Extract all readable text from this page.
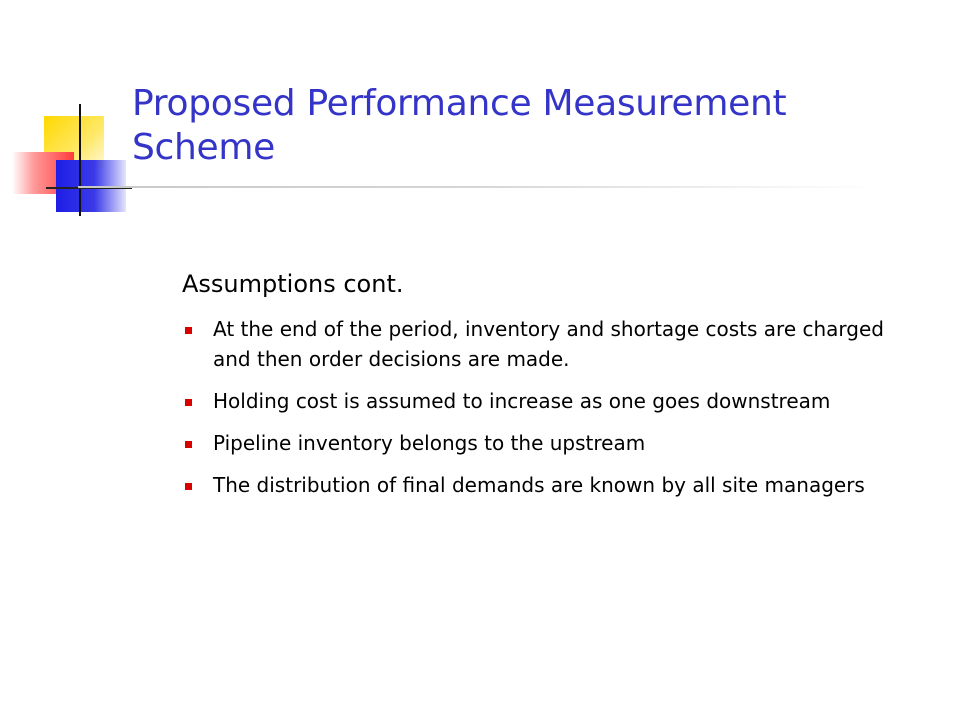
Proposed Performance Measurement Scheme
Assumptions cont.
At the end of the period, inventory and shortage costs are charged and then order decisions are made.
Holding cost is assumed to increase as one goes downstream
Pipeline inventory belongs to the upstream
The distribution of final demands are known by all site managers
